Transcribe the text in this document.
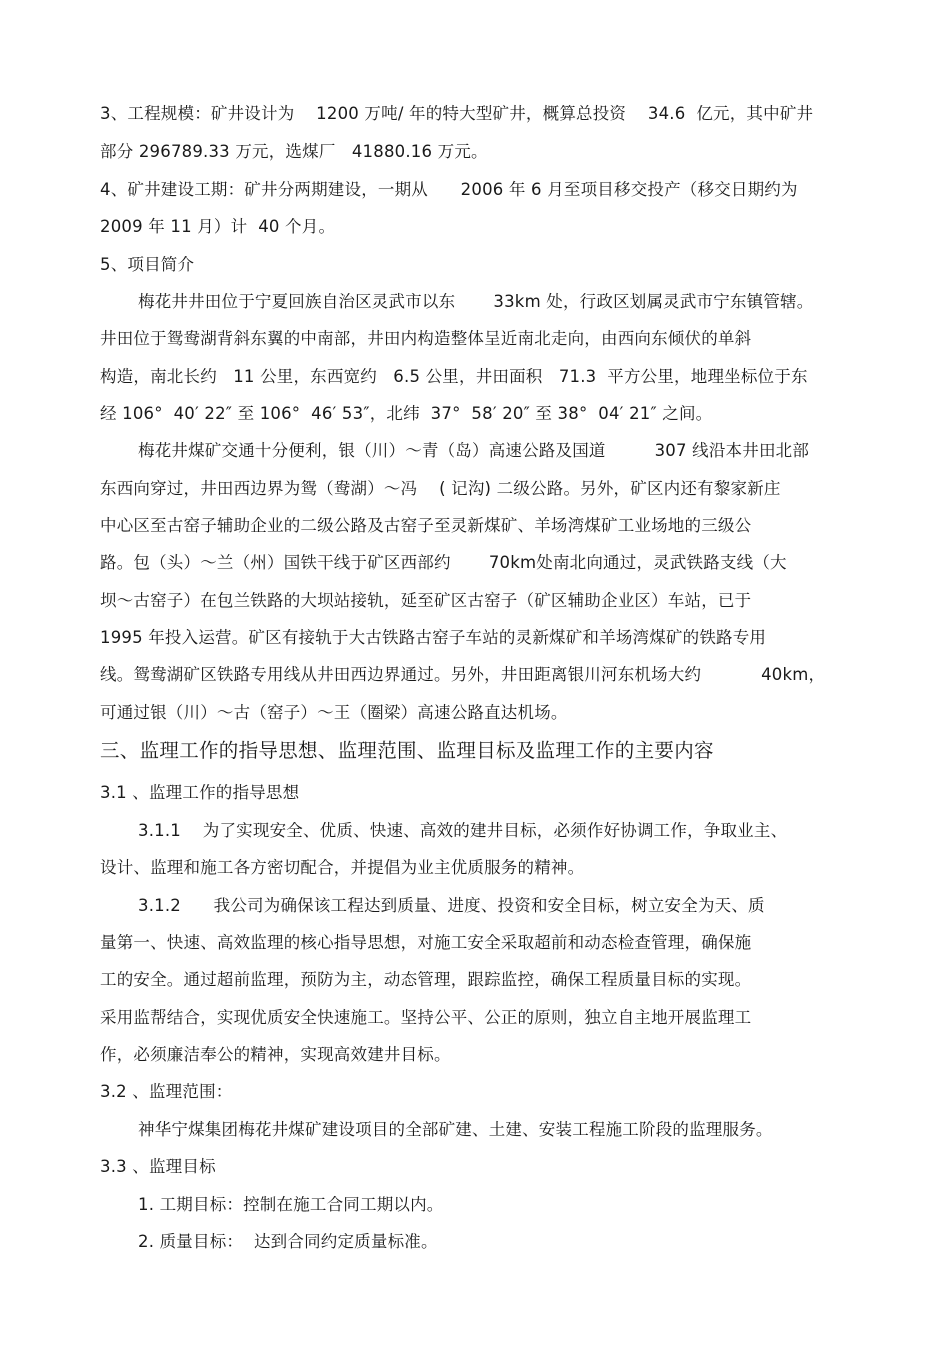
3、工程规模：矿井设计为    1200 万吨/ 年的特大型矿井，概算总投资    34.6  亿元，其中矿井
部分 296789.33 万元，选煤厂   41880.16 万元。
4、矿井建设工期：矿井分两期建设，一期从      2006 年 6 月至项目移交投产（移交日期约为
2009 年 11 月）计  40 个月。
5、项目简介
梅花井井田位于宁夏回族自治区灵武市以东       33km 处，行政区划属灵武市宁东镇管辖。
井田位于鸳鸯湖背斜东翼的中南部，井田内构造整体呈近南北走向，由西向东倾伏的单斜
构造，南北长约   11 公里，东西宽约   6.5 公里，井田面积   71.3  平方公里，地理坐标位于东
经 106°  40′ 22″ 至 106°  46′ 53″，北纬  37°  58′ 20″ 至 38°  04′ 21″ 之间。
梅花井煤矿交通十分便利，银（川）～青（岛）高速公路及国道         307 线沿本井田北部
东西向穿过，井田西边界为鸳（鸯湖）～冯    ( 记沟) 二级公路。另外，矿区内还有黎家新庄
中心区至古窑子辅助企业的二级公路及古窑子至灵新煤矿、羊场湾煤矿工业场地的三级公
路。包（头）～兰（州）国铁干线于矿区西部约       70km处南北向通过，灵武铁路支线（大
坝～古窑子）在包兰铁路的大坝站接轨，延至矿区古窑子（矿区辅助企业区）车站，已于
1995 年投入运营。矿区有接轨于大古铁路古窑子车站的灵新煤矿和羊场湾煤矿的铁路专用
线。鸳鸯湖矿区铁路专用线从井田西边界通过。另外，井田距离银川河东机场大约           40km，
可通过银（川）～古（窑子）～王（圈梁）高速公路直达机场。
三、监理工作的指导思想、监理范围、监理目标及监理工作的主要内容
3.1 、监理工作的指导思想
3.1.1    为了实现安全、优质、快速、高效的建井目标，必须作好协调工作，争取业主、
设计、监理和施工各方密切配合，并提倡为业主优质服务的精神。
3.1.2      我公司为确保该工程达到质量、进度、投资和安全目标，树立安全为天、质
量第一、快速、高效监理的核心指导思想，对施工安全采取超前和动态检查管理，确保施
工的安全。通过超前监理，预防为主，动态管理，跟踪监控，确保工程质量目标的实现。
采用监帮结合，实现优质安全快速施工。坚持公平、公正的原则，独立自主地开展监理工
作，必须廉洁奉公的精神，实现高效建井目标。
3.2 、监理范围：
神华宁煤集团梅花井煤矿建设项目的全部矿建、土建、安装工程施工阶段的监理服务。
3.3 、监理目标
1. 工期目标：控制在施工合同工期以内。
2. 质量目标：  达到合同约定质量标准。
